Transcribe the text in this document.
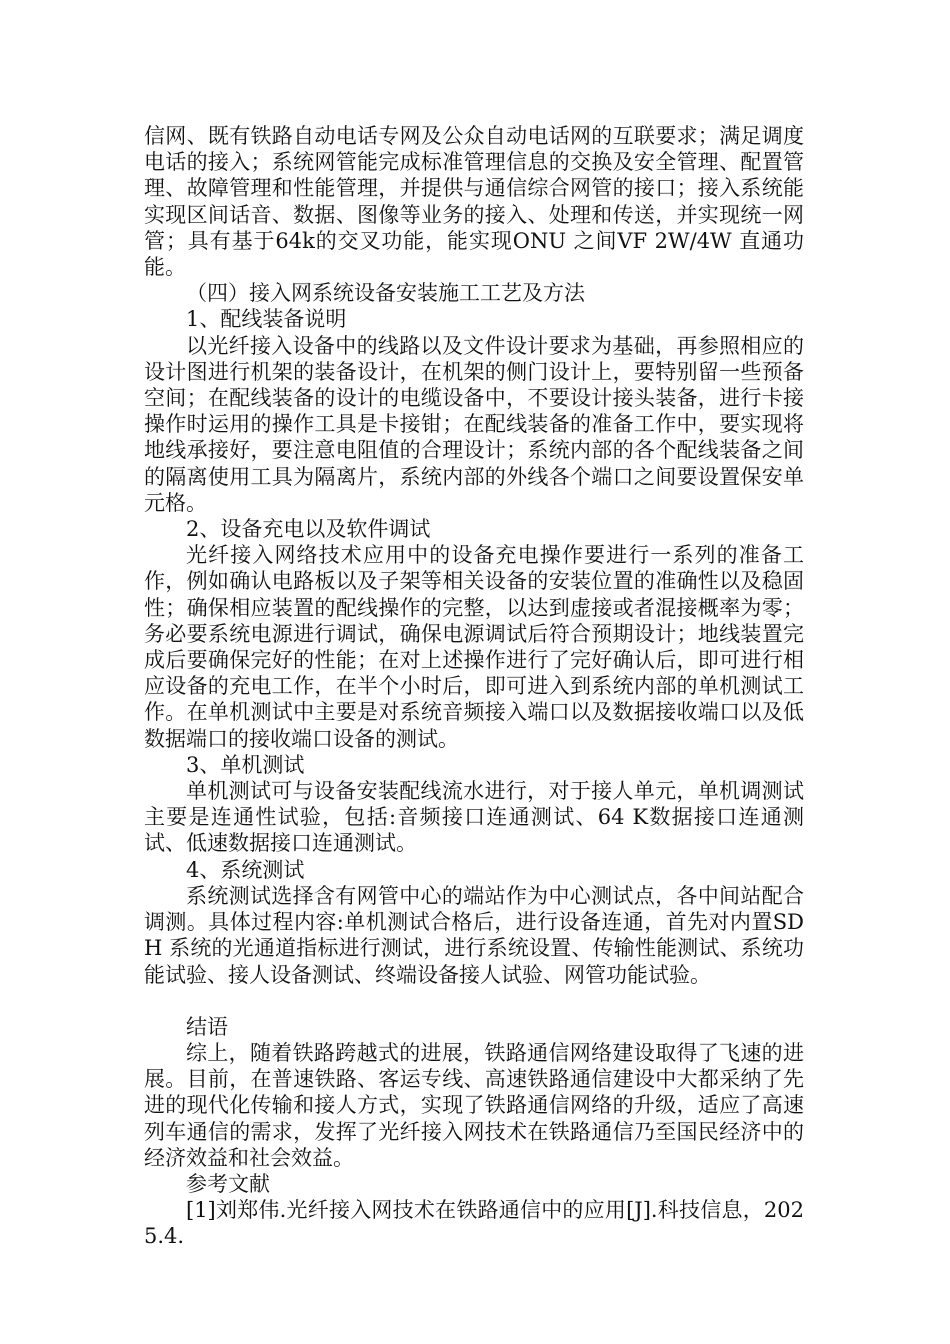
信网、既有铁路自动电话专网及公众自动电话网的互联要求；满足调度电话的接入；系统网管能完成标准管理信息的交换及安全管理、配置管理、故障管理和性能管理，并提供与通信综合网管的接口；接入系统能实现区间话音、数据、图像等业务的接入、处理和传送，并实现统一网管；具有基于64k的交叉功能，能实现ONU 之间VF 2W/4W 直通功能。

（四）接入网系统设备安装施工工艺及方法

1、配线装备说明

以光纤接入设备中的线路以及文件设计要求为基础，再参照相应的设计图进行机架的装备设计，在机架的侧门设计上，要特别留一些预备空间；在配线装备的设计的电缆设备中，不要设计接头装备，进行卡接操作时运用的操作工具是卡接钳；在配线装备的准备工作中，要实现将地线承接好，要注意电阻值的合理设计；系统内部的各个配线装备之间的隔离使用工具为隔离片，系统内部的外线各个端口之间要设置保安单元格。

2、设备充电以及软件调试

光纤接入网络技术应用中的设备充电操作要进行一系列的准备工作，例如确认电路板以及子架等相关设备的安装位置的准确性以及稳固性；确保相应装置的配线操作的完整，以达到虚接或者混接概率为零；务必要系统电源进行调试，确保电源调试后符合预期设计；地线装置完成后要确保完好的性能；在对上述操作进行了完好确认后，即可进行相应设备的充电工作，在半个小时后，即可进入到系统内部的单机测试工作。在单机测试中主要是对系统音频接入端口以及数据接收端口以及低数据端口的接收端口设备的测试。

3、单机测试

单机测试可与设备安装配线流水进行，对于接人单元，单机调测试主要是连通性试验，包括:音频接口连通测试、64 K数据接口连通测试、低速数据接口连通测试。

4、系统测试

系统测试选择含有网管中心的端站作为中心测试点，各中间站配合调测。具体过程内容:单机测试合格后，进行设备连通，首先对内置SDH 系统的光通道指标进行测试，进行系统设置、传输性能测试、系统功能试验、接人设备测试、终端设备接人试验、网管功能试验。

结语

综上，随着铁路跨越式的进展，铁路通信网络建设取得了飞速的进展。目前，在普速铁路、客运专线、高速铁路通信建设中大都采纳了先进的现代化传输和接人方式，实现了铁路通信网络的升级，适应了高速列车通信的需求，发挥了光纤接入网技术在铁路通信乃至国民经济中的经济效益和社会效益。

参考文献

[1]刘郑伟.光纤接入网技术在铁路通信中的应用[J].科技信息，2025.4.
